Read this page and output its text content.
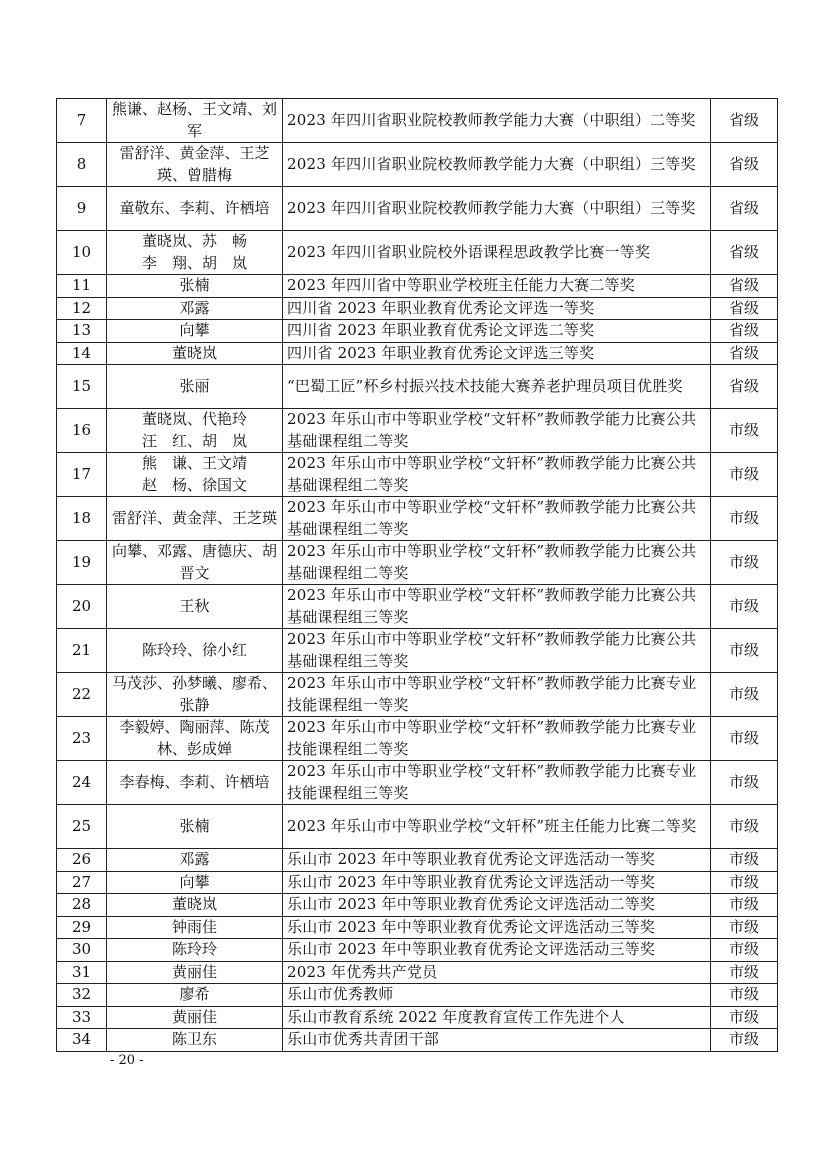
7	熊谦、赵杨、王文靖、刘军	2023 年四川省职业院校教师教学能力大赛（中职组）二等奖	省级
8	雷舒洋、黄金萍、王芝瑛、曾腊梅	2023 年四川省职业院校教师教学能力大赛（中职组）三等奖	省级
9	童敬东、李莉、许栖培	2023 年四川省职业院校教师教学能力大赛（中职组）三等奖	省级
10	董晓岚、苏　畅
李　翔、胡　岚	2023 年四川省职业院校外语课程思政教学比赛一等奖	省级
11	张楠	2023 年四川省中等职业学校班主任能力大赛二等奖	省级
12	邓露	四川省 2023 年职业教育优秀论文评选一等奖	省级
13	向攀	四川省 2023 年职业教育优秀论文评选二等奖	省级
14	董晓岚	四川省 2023 年职业教育优秀论文评选三等奖	省级
15	张丽	“巴蜀工匠”杯乡村振兴技术技能大赛养老护理员项目优胜奖	省级
16	董晓岚、代艳玲
汪　红、胡　岚	2023 年乐山市中等职业学校“文轩杯”教师教学能力比赛公共基础课程组二等奖	市级
17	熊　谦、王文靖
赵　杨、徐国文	2023 年乐山市中等职业学校“文轩杯”教师教学能力比赛公共基础课程组二等奖	市级
18	雷舒洋、黄金萍、王芝瑛	2023 年乐山市中等职业学校“文轩杯”教师教学能力比赛公共基础课程组二等奖	市级
19	向攀、邓露、唐德庆、胡晋文	2023 年乐山市中等职业学校“文轩杯”教师教学能力比赛公共基础课程组二等奖	市级
20	王秋	2023 年乐山市中等职业学校“文轩杯”教师教学能力比赛公共基础课程组三等奖	市级
21	陈玲玲、徐小红	2023 年乐山市中等职业学校“文轩杯”教师教学能力比赛公共基础课程组三等奖	市级
22	马茂莎、孙梦曦、廖希、张静	2023 年乐山市中等职业学校“文轩杯”教师教学能力比赛专业技能课程组一等奖	市级
23	李毅婷、陶丽萍、陈茂林、彭成婵	2023 年乐山市中等职业学校“文轩杯”教师教学能力比赛专业技能课程组二等奖	市级
24	李春梅、李莉、许栖培	2023 年乐山市中等职业学校“文轩杯”教师教学能力比赛专业技能课程组三等奖	市级
25	张楠	2023 年乐山市中等职业学校“文轩杯”班主任能力比赛二等奖	市级
26	邓露	乐山市 2023 年中等职业教育优秀论文评选活动一等奖	市级
27	向攀	乐山市 2023 年中等职业教育优秀论文评选活动一等奖	市级
28	董晓岚	乐山市 2023 年中等职业教育优秀论文评选活动二等奖	市级
29	钟雨佳	乐山市 2023 年中等职业教育优秀论文评选活动三等奖	市级
30	陈玲玲	乐山市 2023 年中等职业教育优秀论文评选活动三等奖	市级
31	黄丽佳	2023 年优秀共产党员	市级
32	廖希	乐山市优秀教师	市级
33	黄丽佳	乐山市教育系统 2022 年度教育宣传工作先进个人	市级
34	陈卫东	乐山市优秀共青团干部	市级
- 20 -
